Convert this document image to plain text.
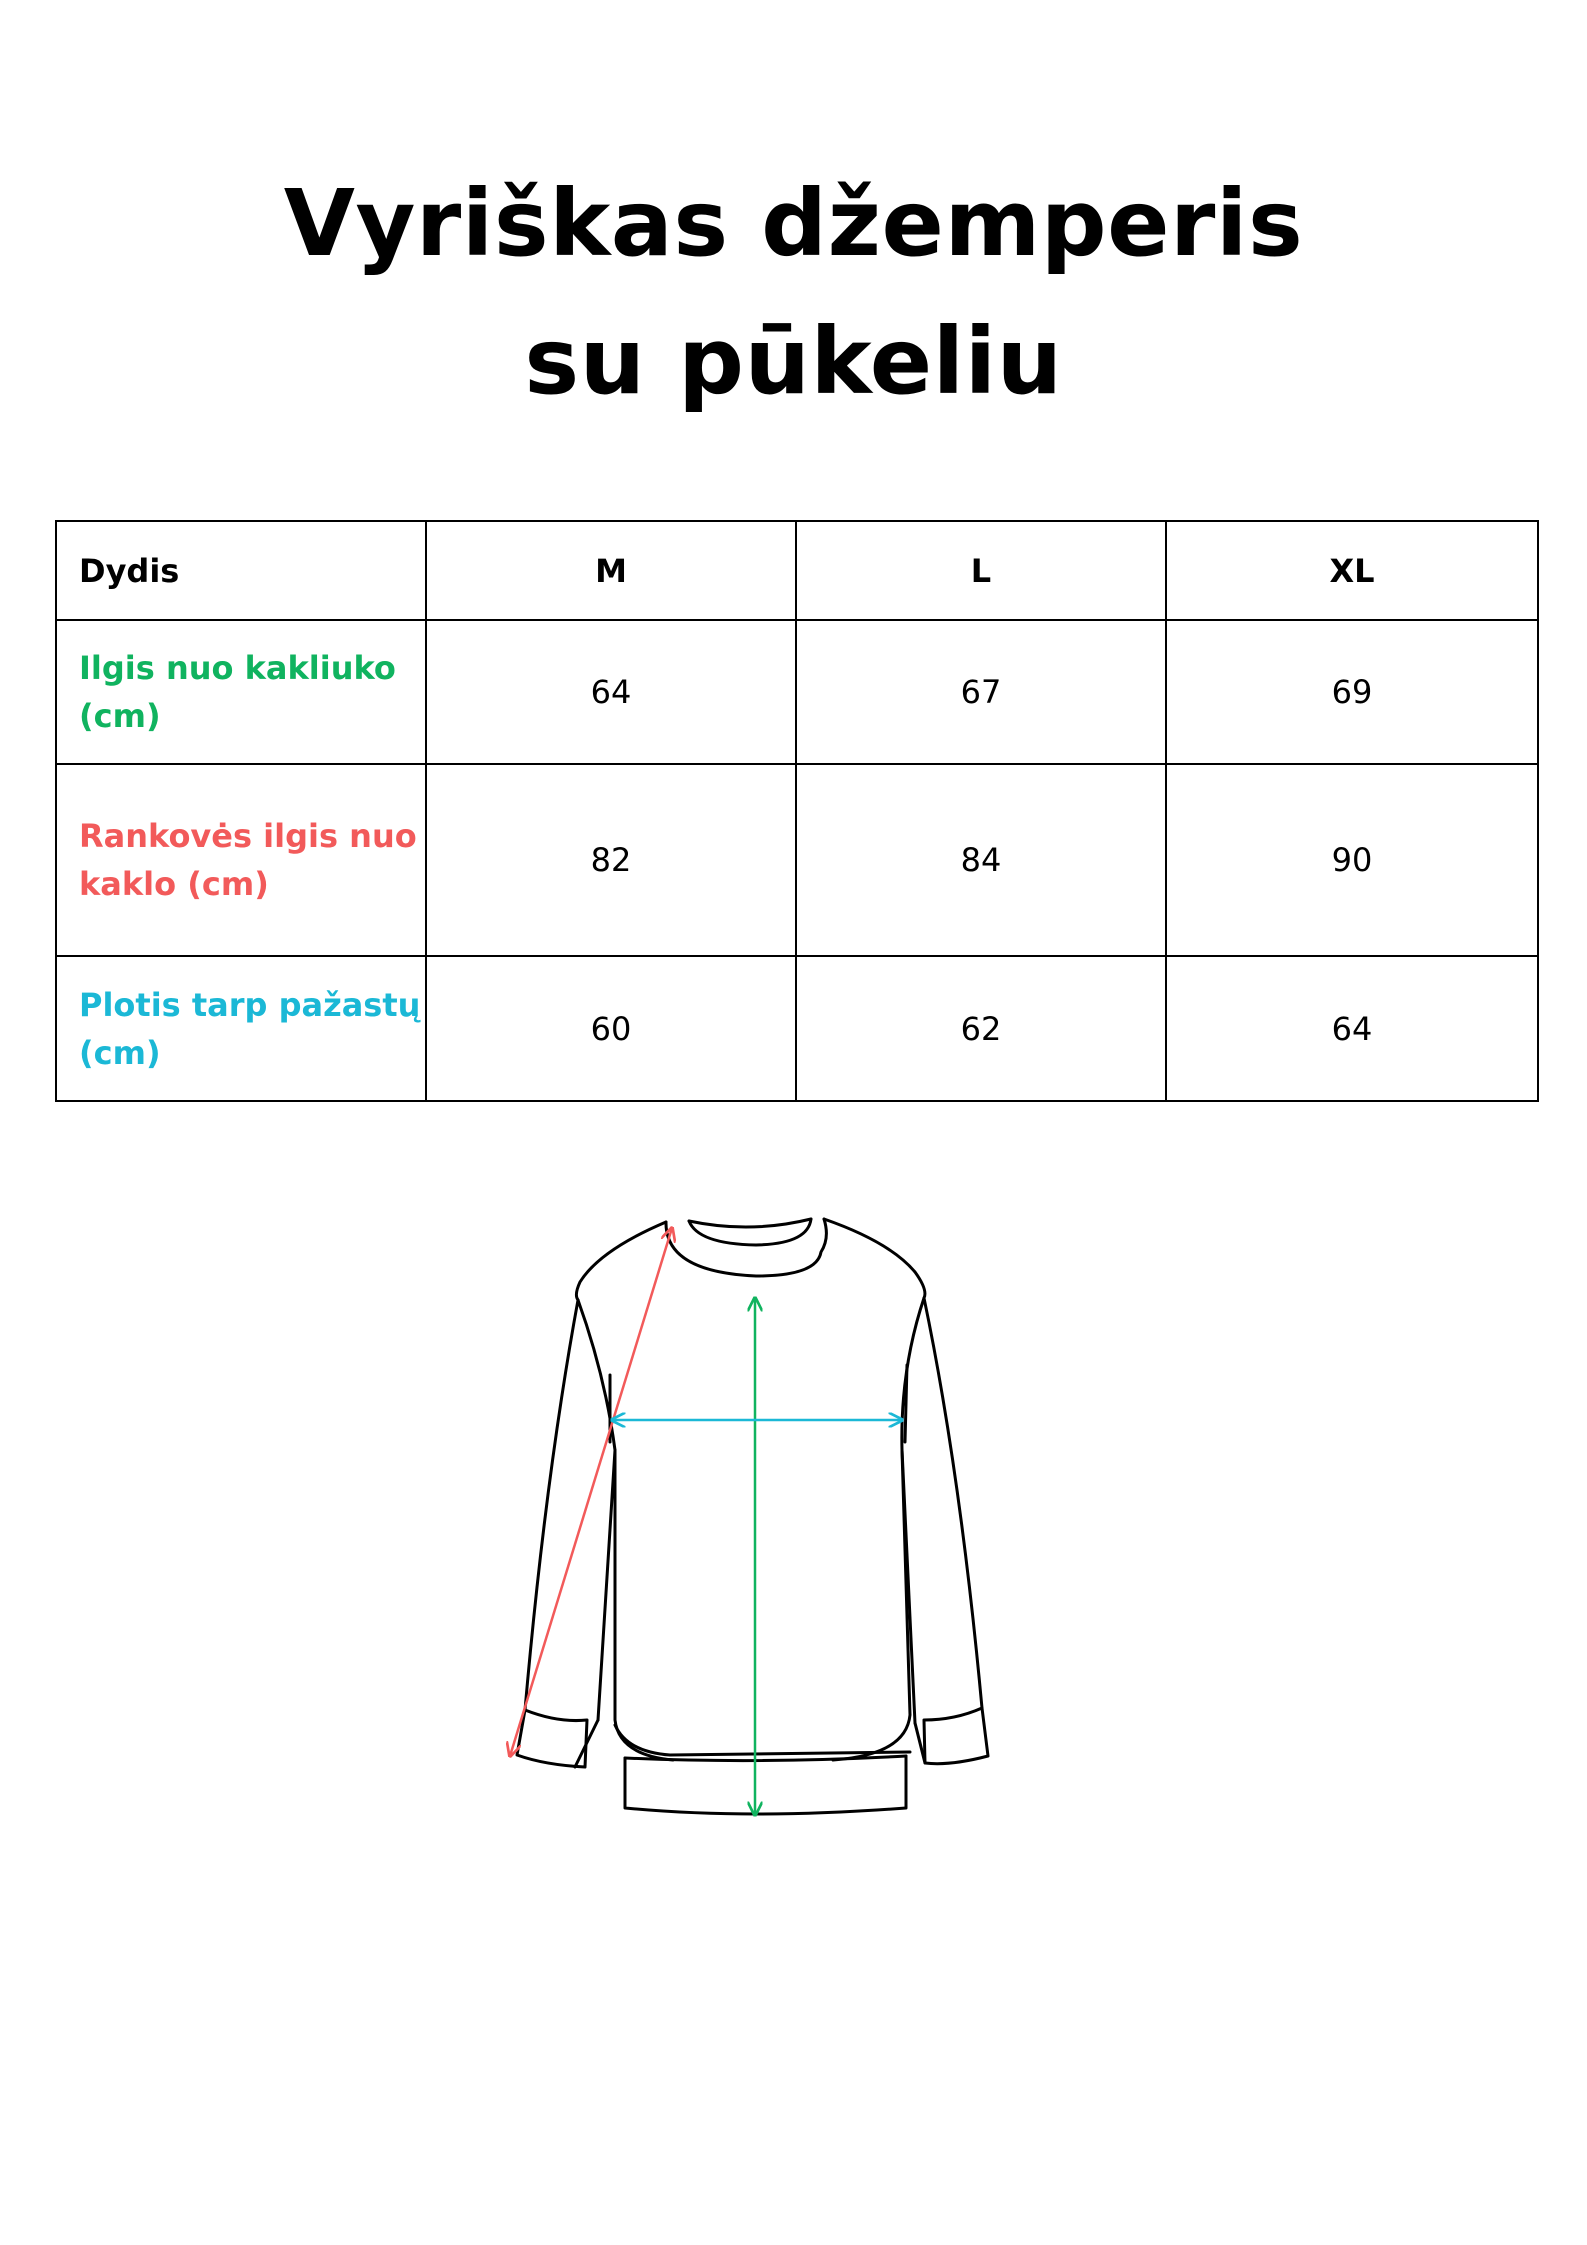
Vyriškas džemperis
su pūkeliu
Dydis	M	L	XL
Ilgis nuo kakliuko (cm)	64	67	69
Rankovės ilgis nuo kaklo (cm)	82	84	90
Plotis tarp pažastų (cm)	60	62	64
